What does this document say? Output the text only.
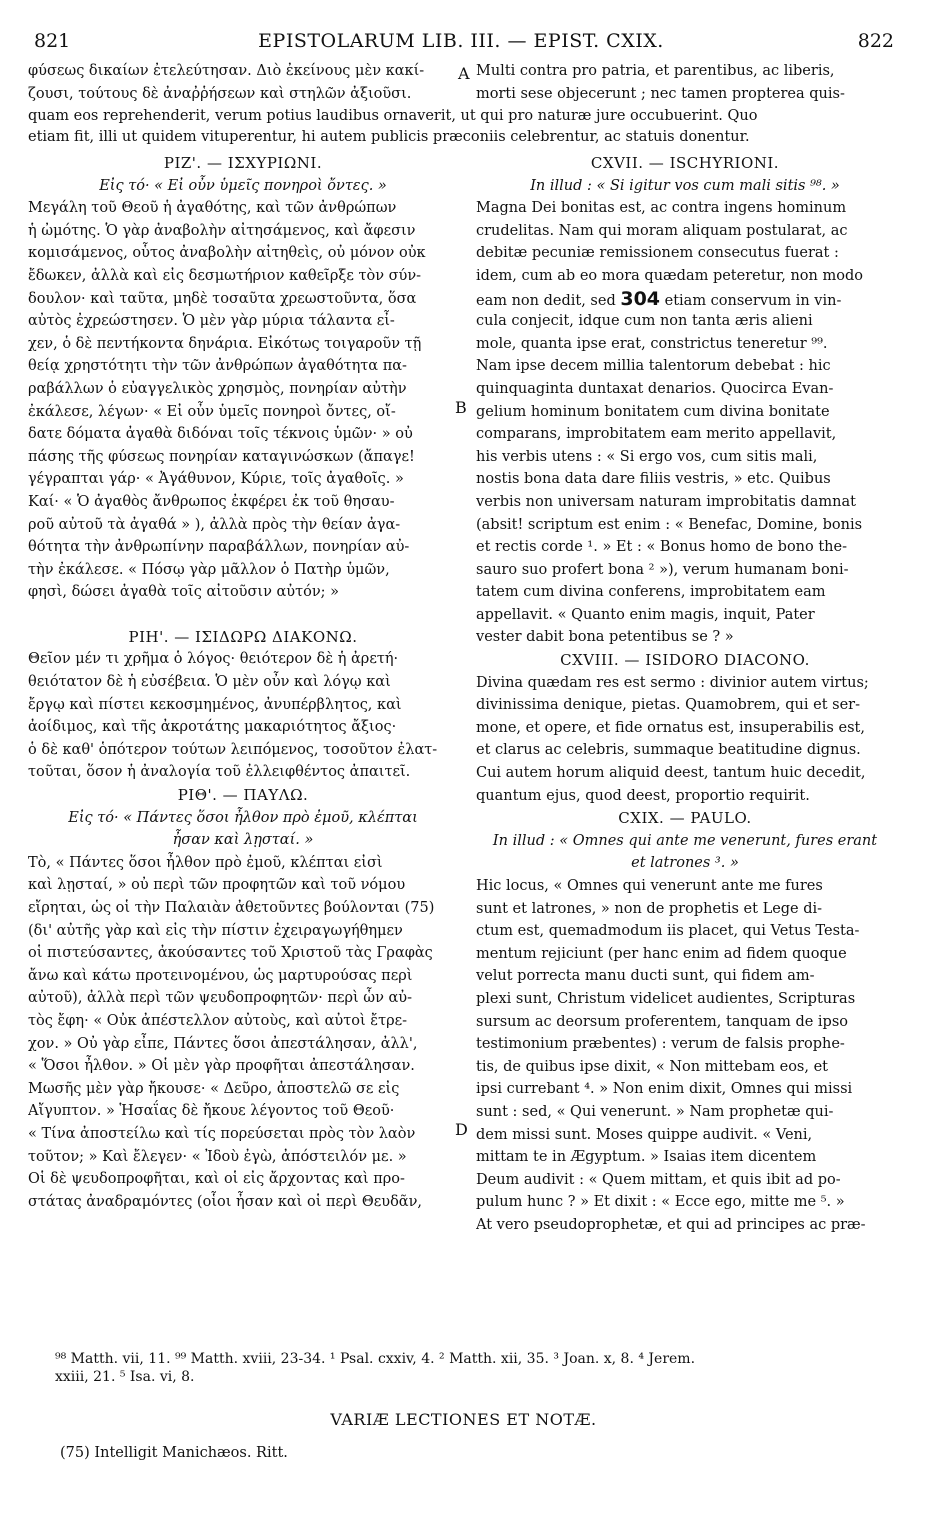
821	EPISTOLARUM LIB. III. — EPIST. CXIX.	822
φύσεως δικαίων ἐτελεύτησαν. Διὸ ἐκείνους μὲν κακί-
ζουσι, τούτους δὲ ἀναῤῥήσεων καὶ στηλῶν ἀξιοῦσι.
A Multi contra pro patria, et parentibus, ac liberis,
morti sese objecerunt ; nec tamen propterea quis-
quam eos reprehenderit, verum potius laudibus ornaverit, ut qui pro naturæ jure occubuerint. Quo
etiam fit, illi ut quidem vituperentur, hi autem publicis præconiis celebrentur, ac statuis donentur.
PIZ'. — ΙΣΧΥΡΙΩΝΙ.
Εἰς τό· « Εἰ οὖν ὑμεῖς πονηροὶ ὄντες. »
Μεγάλη τοῦ Θεοῦ ἡ ἀγαθότης, καὶ τῶν ἀνθρώπων
ἡ ὠμότης. Ὁ γὰρ ἀναβολὴν αἰτησάμενος, καὶ ἄφεσιν
κομισάμενος, οὗτος ἀναβολὴν αἰτηθεὶς, οὐ μόνον οὐκ
ἔδωκεν, ἀλλὰ καὶ εἰς δεσμωτήριον καθεῖρξε τὸν σύν-
δουλον· καὶ ταῦτα, μηδὲ τοσαῦτα χρεωστοῦντα, ὅσα
αὐτὸς ἐχρεώστησεν. Ὁ μὲν γὰρ μύρια τάλαντα εἶ-
χεν, ὁ δὲ πεντήκοντα δηνάρια. Εἰκότως τοιγαροῦν τῇ
θείᾳ χρηστότητι τὴν τῶν ἀνθρώπων ἀγαθότητα πα-
ραβάλλων ὁ εὐαγγελικὸς χρησμὸς, πονηρίαν αὐτὴν
ἐκάλεσε, λέγων· « Εἰ οὖν ὑμεῖς πονηροὶ ὄντες, οἴ-
δατε δόματα ἀγαθὰ διδόναι τοῖς τέκνοις ὑμῶν· » οὐ
πάσης τῆς φύσεως πονηρίαν καταγινώσκων (ἄπαγε!
γέγραπται γάρ· « Ἀγάθυνον, Κύριε, τοῖς ἀγαθοῖς. »
Καί· « Ὁ ἀγαθὸς ἄνθρωπος ἐκφέρει ἐκ τοῦ θησαυ-
ροῦ αὐτοῦ τὰ ἀγαθά » ), ἀλλὰ πρὸς τὴν θείαν ἀγα-
θότητα τὴν ἀνθρωπίνην παραβάλλων, πονηρίαν αὐ-
τὴν ἐκάλεσε. « Πόσῳ γὰρ μᾶλλον ὁ Πατὴρ ὑμῶν,
φησὶ, δώσει ἀγαθὰ τοῖς αἰτοῦσιν αὐτόν; »
PIH'. — ΙΣΙΔΩΡΩ ΔΙΑΚΟΝΩ.
Θεῖον μέν τι χρῆμα ὁ λόγος· θειότερον δὲ ἡ ἀρετή·
θειότατον δὲ ἡ εὐσέβεια. Ὁ μὲν οὖν καὶ λόγῳ καὶ
ἔργῳ καὶ πίστει κεκοσμημένος, ἀνυπέρβλητος, καὶ
ἀοίδιμος, καὶ τῆς ἀκροτάτης μακαριότητος ἄξιος·
ὁ δὲ καθ' ὁπότερον τούτων λειπόμενος, τοσοῦτον ἐλατ-
τοῦται, ὅσον ἡ ἀναλογία τοῦ ἐλλειφθέντος ἀπαιτεῖ.
PIΘ'. — ΠΑΥΛΩ.
Εἰς τό· « Πάντες ὅσοι ἦλθον πρὸ ἐμοῦ, κλέπται
ἦσαν καὶ λῃσταί. »
Τὸ, « Πάντες ὅσοι ἦλθον πρὸ ἐμοῦ, κλέπται εἰσὶ
καὶ λῃσταί, » οὐ περὶ τῶν προφητῶν καὶ τοῦ νόμου
εἴρηται, ὡς οἱ τὴν Παλαιὰν ἀθετοῦντες βούλονται (75)
(δι' αὐτῆς γὰρ καὶ εἰς τὴν πίστιν ἐχειραγωγήθημεν
οἱ πιστεύσαντες, ἀκούσαντες τοῦ Χριστοῦ τὰς Γραφὰς
ἄνω καὶ κάτω προτεινομένου, ὡς μαρτυρούσας περὶ
αὐτοῦ), ἀλλὰ περὶ τῶν ψευδοπροφητῶν· περὶ ὧν αὐ-
τὸς ἔφη· « Οὐκ ἀπέστελλον αὐτοὺς, καὶ αὐτοὶ ἔτρε-
χον. » Οὐ γὰρ εἶπε, Πάντες ὅσοι ἀπεστάλησαν, ἀλλ',
« Ὅσοι ἦλθον. » Οἱ μὲν γὰρ προφῆται ἀπεστάλησαν.
Μωσῆς μὲν γὰρ ἤκουσε· « Δεῦρο, ἀποστελῶ σε εἰς
Αἴγυπτον. » Ἡσαΐας δὲ ἤκουε λέγοντος τοῦ Θεοῦ·
« Τίνα ἀποστείλω καὶ τίς πορεύσεται πρὸς τὸν λαὸν
τοῦτον; » Καὶ ἔλεγεν· « Ἰδοὺ ἐγὼ, ἀπόστειλόν με. »
Οἱ δὲ ψευδοπροφῆται, καὶ οἱ εἰς ἄρχοντας καὶ προ-
στάτας ἀναδραμόντες (οἷοι ἦσαν καὶ οἱ περὶ Θευδᾶν,
B
D
CXVII. — ISCHYRIONI.
In illud : « Si igitur vos cum mali sitis ⁹⁸. »
Magna Dei bonitas est, ac contra ingens hominum
crudelitas. Nam qui moram aliquam postularat, ac
debitæ pecuniæ remissionem consecutus fuerat :
idem, cum ab eo mora quædam peteretur, non modo
eam non dedit, sed 304 etiam conservum in vin-
cula conjecit, idque cum non tanta æris alieni
mole, quanta ipse erat, constrictus teneretur ⁹⁹.
Nam ipse decem millia talentorum debebat : hic
quinquaginta duntaxat denarios. Quocirca Evan-
gelium hominum bonitatem cum divina bonitate
comparans, improbitatem eam merito appellavit,
his verbis utens : « Si ergo vos, cum sitis mali,
nostis bona data dare filiis vestris, » etc. Quibus
verbis non universam naturam improbitatis damnat
(absit! scriptum est enim : « Benefac, Domine, bonis
et rectis corde ¹. » Et : « Bonus homo de bono the-
sauro suo profert bona ² »), verum humanam boni-
tatem cum divina conferens, improbitatem eam
appellavit. « Quanto enim magis, inquit, Pater
vester dabit bona petentibus se ? »
CXVIII. — ISIDORO DIACONO.
Divina quædam res est sermo : divinior autem virtus;
divinissima denique, pietas. Quamobrem, qui et ser-
mone, et opere, et fide ornatus est, insuperabilis est,
et clarus ac celebris, summaque beatitudine dignus.
Cui autem horum aliquid deest, tantum huic decedit,
quantum ejus, quod deest, proportio requirit.
CXIX. — PAULO.
In illud : « Omnes qui ante me venerunt, fures erant
et latrones ³. »
Hic locus, « Omnes qui venerunt ante me fures
sunt et latrones, » non de prophetis et Lege di-
ctum est, quemadmodum iis placet, qui Vetus Testa-
mentum rejiciunt (per hanc enim ad fidem quoque
velut porrecta manu ducti sunt, qui fidem am-
plexi sunt, Christum videlicet audientes, Scripturas
sursum ac deorsum proferentem, tanquam de ipso
testimonium præbentes) : verum de falsis prophe-
tis, de quibus ipse dixit, « Non mittebam eos, et
ipsi currebant ⁴. » Non enim dixit, Omnes qui missi
sunt : sed, « Qui venerunt. » Nam prophetæ qui-
dem missi sunt. Moses quippe audivit. « Veni,
mittam te in Ægyptum. » Isaias item dicentem
Deum audivit : « Quem mittam, et quis ibit ad po-
pulum hunc ? » Et dixit : « Ecce ego, mitte me ⁵. »
At vero pseudoprophetæ, et qui ad principes ac præ-
⁹⁸ Matth. vii, 11. ⁹⁹ Matth. xviii, 23-34. ¹ Psal. cxxiv, 4. ² Matth. xii, 35. ³ Joan. x, 8. ⁴ Jerem.
xxiii, 21. ⁵ Isa. vi, 8.
VARIÆ LECTIONES ET NOTÆ.
(75) Intelligit Manichæos. Ritt.
